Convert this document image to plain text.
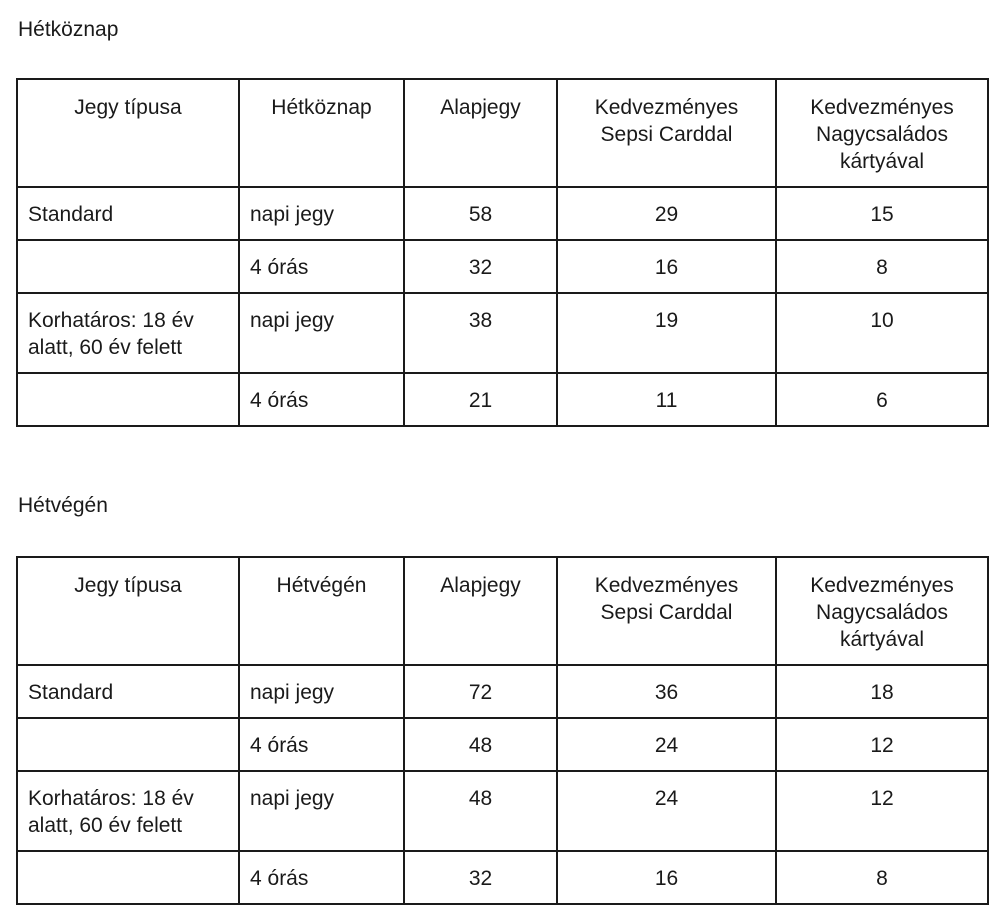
Hétköznap
Jegy típusa	Hétköznap	Alapjegy	Kedvezményes Sepsi Carddal	Kedvezményes Nagycsaládos kártyával
Standard	napi jegy	58	29	15
	4 órás	32	16	8
Korhatáros: 18 év alatt, 60 év felett	napi jegy	38	19	10
	4 órás	21	11	6
Hétvégén
Jegy típusa	Hétvégén	Alapjegy	Kedvezményes Sepsi Carddal	Kedvezményes Nagycsaládos kártyával
Standard	napi jegy	72	36	18
	4 órás	48	24	12
Korhatáros: 18 év alatt, 60 év felett	napi jegy	48	24	12
	4 órás	32	16	8
